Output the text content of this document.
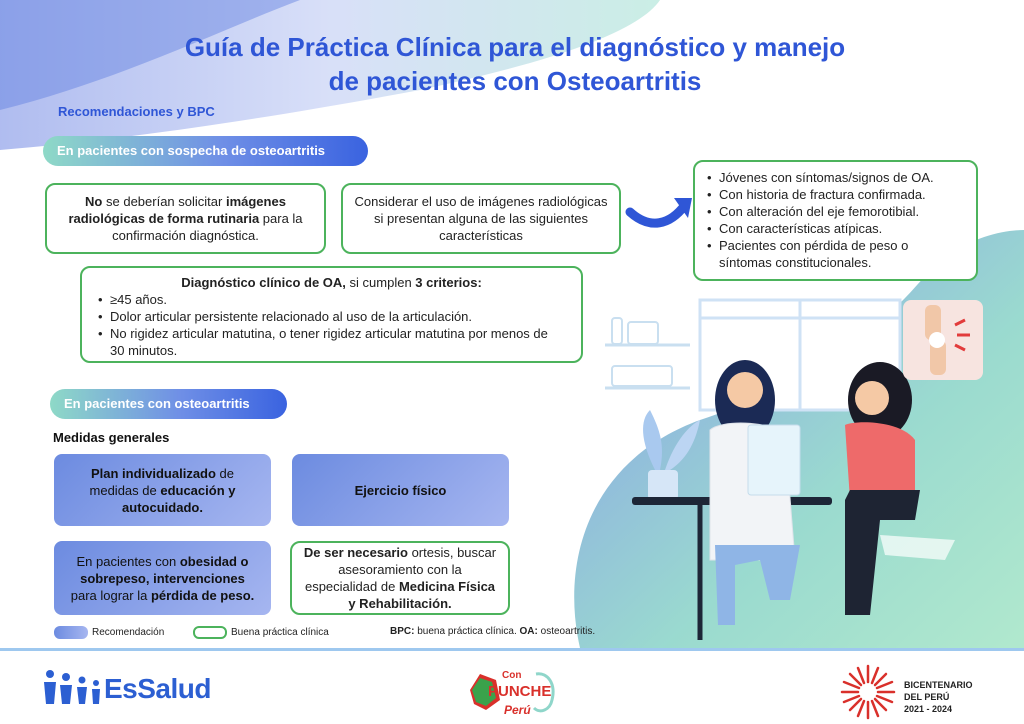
Guía de Práctica Clínica para el diagnóstico y manejo
de pacientes con Osteoartritis
Recomendaciones y BPC
En pacientes con sospecha de osteoartritis
No se deberían solicitar imágenes radiológicas de forma rutinaria para la confirmación diagnóstica.
Considerar el uso de imágenes radiológicas si presentan alguna de las siguientes características
• Jóvenes con síntomas/signos de OA.
• Con historia de fractura confirmada.
• Con alteración del eje femorotibial.
• Con características atípicas.
• Pacientes con pérdida de peso o síntomas constitucionales.
Diagnóstico clínico de OA, si cumplen 3 criterios:
• ≥45 años.
• Dolor articular persistente relacionado al uso de la articulación.
• No rigidez articular matutina, o tener rigidez articular matutina por menos de 30 minutos.
En pacientes con osteoartritis
Medidas generales
Plan individualizado de medidas de educación y autocuidado.
Ejercicio físico
En pacientes con obesidad o sobrepeso, intervenciones para lograr la pérdida de peso.
De ser necesario ortesis, buscar asesoramiento con la especialidad de Medicina Física y Rehabilitación.
Recomendación	Buena práctica clínica	BPC: buena práctica clínica. OA: osteoartritis.
EsSalud	Con
PUNCHE
Perú
BICENTENARIO
DEL PERÚ
2021 - 2024
